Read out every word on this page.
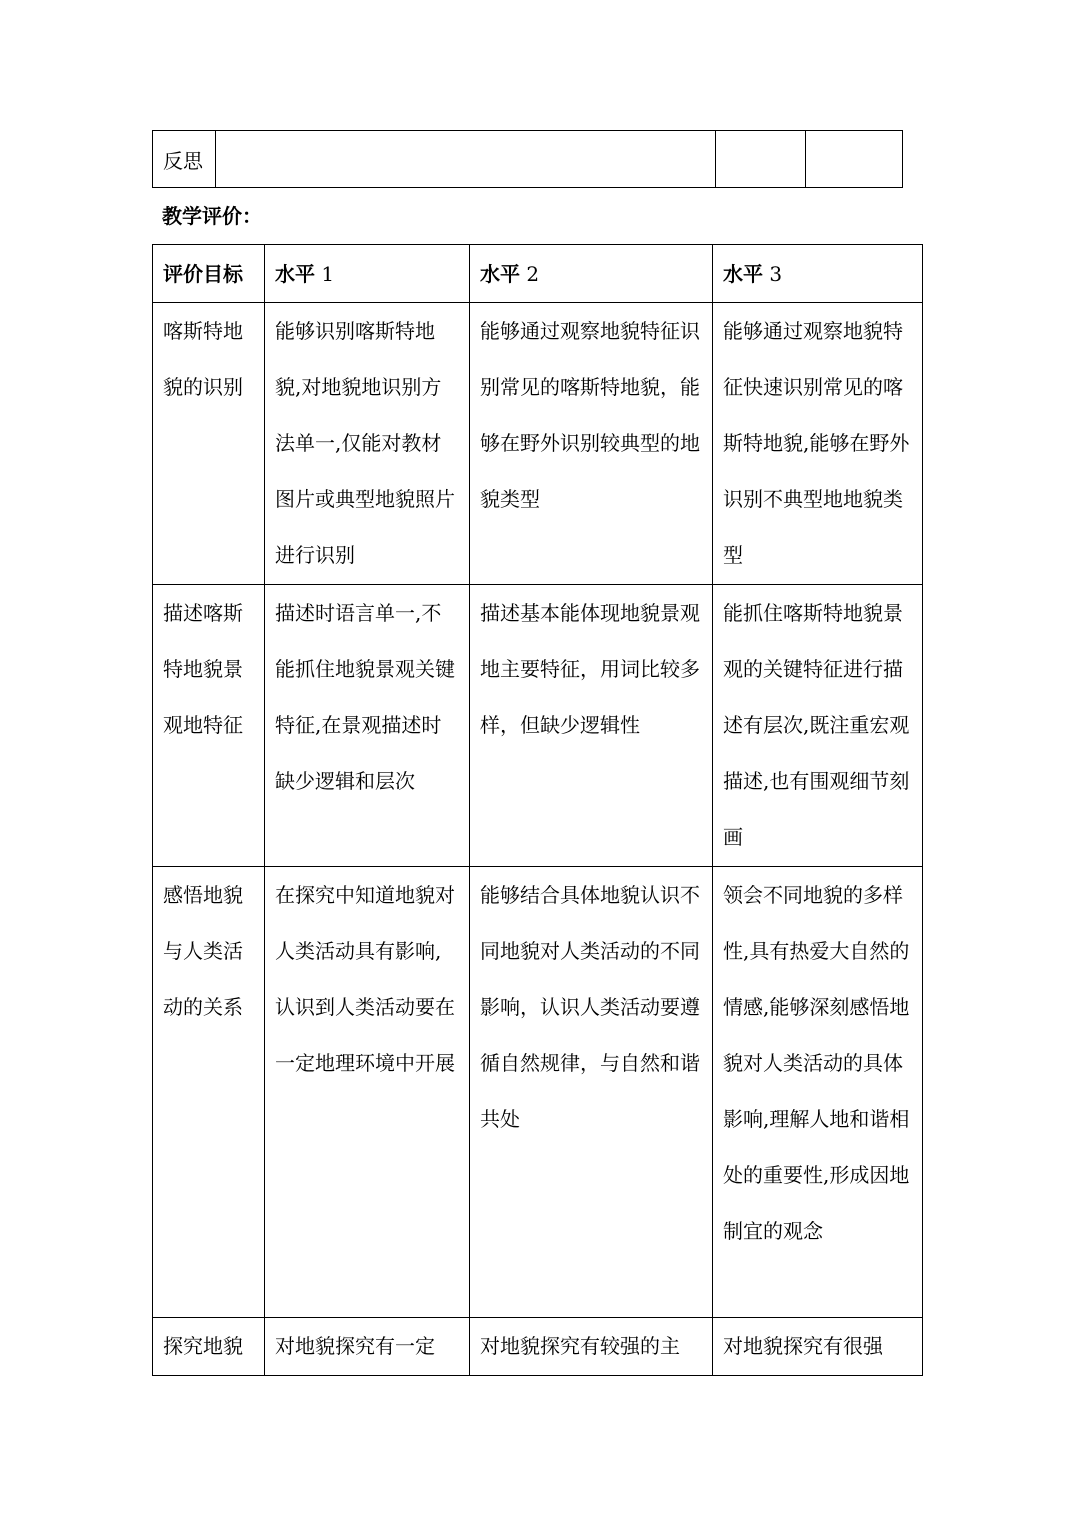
反思			
教学评价：
评价目标	水平 1	水平 2	水平 3
喀斯特地貌的识别	能够识别喀斯特地貌,对地貌地识别方法单一,仅能对教材图片或典型地貌照片进行识别	能够通过观察地貌特征识别常见的喀斯特地貌，能够在野外识别较典型的地貌类型	能够通过观察地貌特征快速识别常见的喀斯特地貌,能够在野外识别不典型地地貌类型
描述喀斯特地貌景观地特征	描述时语言单一,不能抓住地貌景观关键特征,在景观描述时缺少逻辑和层次	描述基本能体现地貌景观地主要特征，用词比较多样，但缺少逻辑性	能抓住喀斯特地貌景观的关键特征进行描述有层次,既注重宏观描述,也有围观细节刻画
感悟地貌与人类活动的关系	在探究中知道地貌对人类活动具有影响,认识到人类活动要在一定地理环境中开展	能够结合具体地貌认识不同地貌对人类活动的不同影响，认识人类活动要遵循自然规律，与自然和谐共处	领会不同地貌的多样性,具有热爱大自然的情感,能够深刻感悟地貌对人类活动的具体影响,理解人地和谐相处的重要性,形成因地制宜的观念
探究地貌	对地貌探究有一定	对地貌探究有较强的主	对地貌探究有很强
